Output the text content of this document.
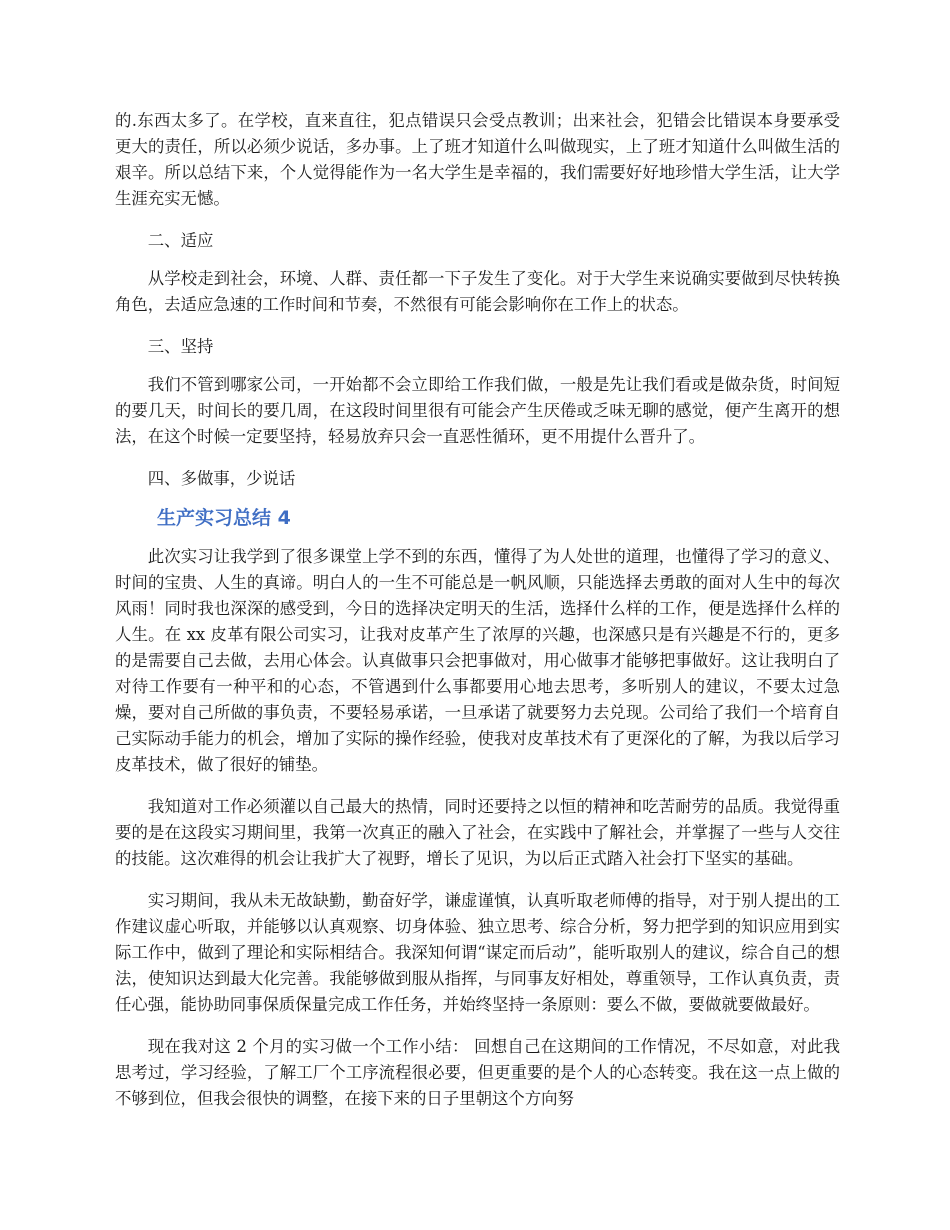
的.东西太多了。在学校，直来直往，犯点错误只会受点教训；出来社会，犯错会比错误本身要承受更大的责任，所以必须少说话，多办事。上了班才知道什么叫做现实，上了班才知道什么叫做生活的艰辛。所以总结下来，个人觉得能作为一名大学生是幸福的，我们需要好好地珍惜大学生活，让大学生涯充实无憾。

二、适应

从学校走到社会，环境、人群、责任都一下子发生了变化。对于大学生来说确实要做到尽快转换角色，去适应急速的工作时间和节奏，不然很有可能会影响你在工作上的状态。

三、坚持

我们不管到哪家公司，一开始都不会立即给工作我们做，一般是先让我们看或是做杂货，时间短的要几天，时间长的要几周，在这段时间里很有可能会产生厌倦或乏味无聊的感觉，便产生离开的想法，在这个时候一定要坚持，轻易放弃只会一直恶性循环，更不用提什么晋升了。

四、多做事，少说话

生产实习总结 4

此次实习让我学到了很多课堂上学不到的东西，懂得了为人处世的道理，也懂得了学习的意义、时间的宝贵、人生的真谛。明白人的一生不可能总是一帆风顺，只能选择去勇敢的面对人生中的每次风雨！同时我也深深的感受到，今日的选择决定明天的生活，选择什么样的工作，便是选择什么样的人生。在 xx 皮革有限公司实习，让我对皮革产生了浓厚的兴趣，也深感只是有兴趣是不行的，更多的是需要自己去做，去用心体会。认真做事只会把事做对，用心做事才能够把事做好。这让我明白了对待工作要有一种平和的心态，不管遇到什么事都要用心地去思考，多听别人的建议，不要太过急燥，要对自己所做的事负责，不要轻易承诺，一旦承诺了就要努力去兑现。公司给了我们一个培育自己实际动手能力的机会，增加了实际的操作经验，使我对皮革技术有了更深化的了解，为我以后学习皮革技术，做了很好的铺垫。

我知道对工作必须灌以自己最大的热情，同时还要持之以恒的精神和吃苦耐劳的品质。我觉得重要的是在这段实习期间里，我第一次真正的融入了社会，在实践中了解社会，并掌握了一些与人交往的技能。这次难得的机会让我扩大了视野，增长了见识，为以后正式踏入社会打下坚实的基础。

实习期间，我从未无故缺勤，勤奋好学，谦虚谨慎，认真听取老师傅的指导，对于别人提出的工作建议虚心听取，并能够以认真观察、切身体验、独立思考、综合分析，努力把学到的知识应用到实际工作中，做到了理论和实际相结合。我深知何谓“谋定而后动”，能听取别人的建议，综合自己的想法，使知识达到最大化完善。我能够做到服从指挥，与同事友好相处，尊重领导，工作认真负责，责任心强，能协助同事保质保量完成工作任务，并始终坚持一条原则：要么不做，要做就要做最好。

现在我对这 2 个月的实习做一个工作小结： 回想自己在这期间的工作情况，不尽如意，对此我思考过，学习经验，了解工厂个工序流程很必要，但更重要的是个人的心态转变。我在这一点上做的不够到位，但我会很快的调整，在接下来的日子里朝这个方向努
